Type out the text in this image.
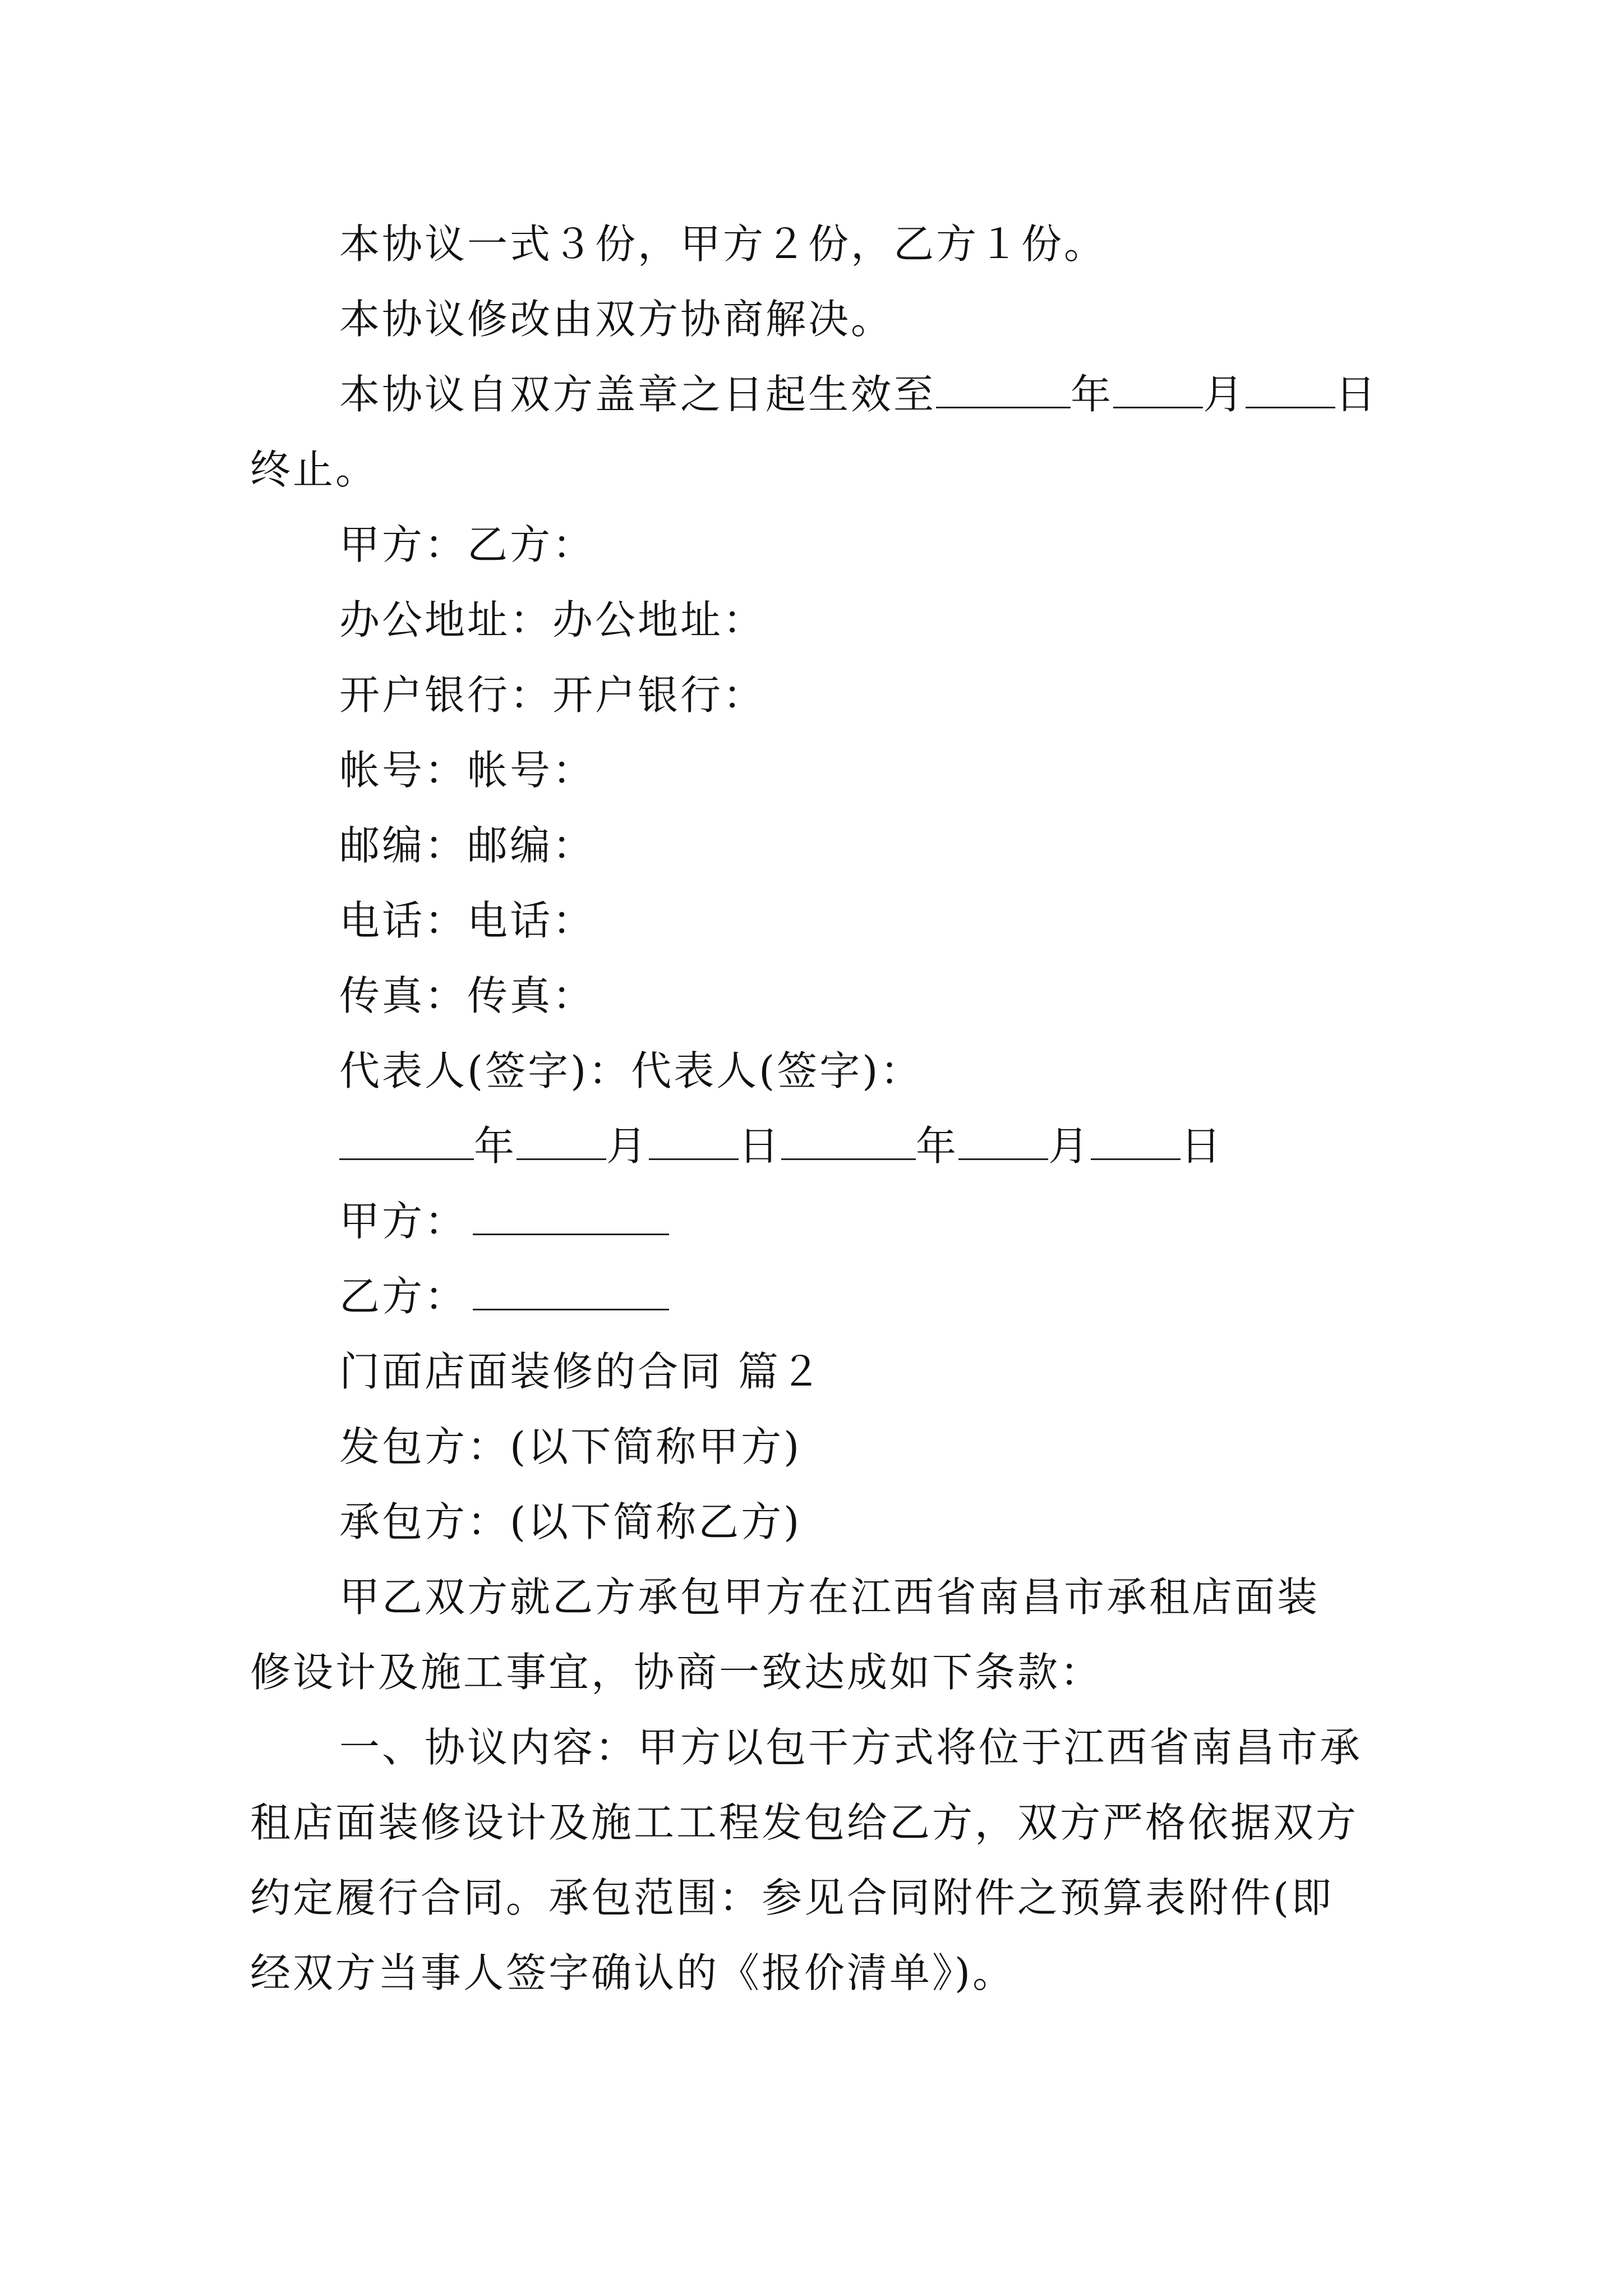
本协议一式３份，甲方２份，乙方１份。
本协议修改由双方协商解决。
本协议自双方盖章之日起生效至	年 月 日
终止。
甲方：乙方：
办公地址：办公地址：
开户银行：开户银行：
帐号：帐号：
邮编：邮编：
电话：电话：
传真：传真：
代表人(签字)：代表人(签字)：
年 月 日	年 月 日
甲方：
乙方：
门面店面装修的合同 篇２
发包方：(以下简称甲方)
承包方：(以下简称乙方)
甲乙双方就乙方承包甲方在江西省南昌市承租店面装
修设计及施工事宜，协商一致达成如下条款：
一、协议内容：甲方以包干方式将位于江西省南昌市承
租店面装修设计及施工工程发包给乙方，双方严格依据双方
约定履行合同。承包范围：参见合同附件之预算表附件(即
经双方当事人签字确认的《报价清单》)。
